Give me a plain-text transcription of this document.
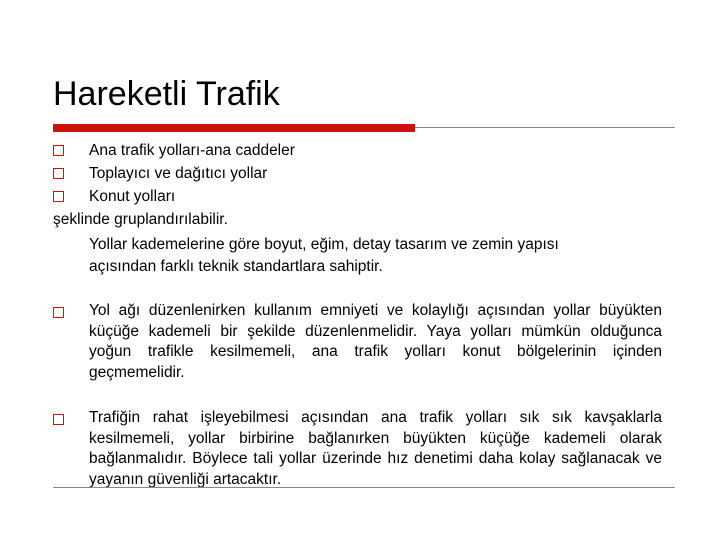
Hareketli Trafik
Ana trafik yolları-ana caddeler
Toplayıcı ve dağıtıcı yollar
Konut yolları
şeklinde gruplandırılabilir.
Yollar kademelerine göre boyut, eğim, detay tasarım ve zemin yapısı
açısından farklı teknik standartlara sahiptir.
Yol ağı düzenlenirken kullanım emniyeti ve kolaylığı açısından yollar büyükten küçüğe kademeli bir şekilde düzenlenmelidir. Yaya yolları mümkün olduğunca yoğun trafikle kesilmemeli, ana trafik yolları konut bölgelerinin içinden geçmemelidir.
Trafiğin rahat işleyebilmesi açısından ana trafik yolları sık sık kavşaklarla kesilmemeli, yollar birbirine bağlanırken büyükten küçüğe kademeli olarak bağlanmalıdır. Böylece tali yollar üzerinde hız denetimi daha kolay sağlanacak ve yayanın güvenliği artacaktır.
